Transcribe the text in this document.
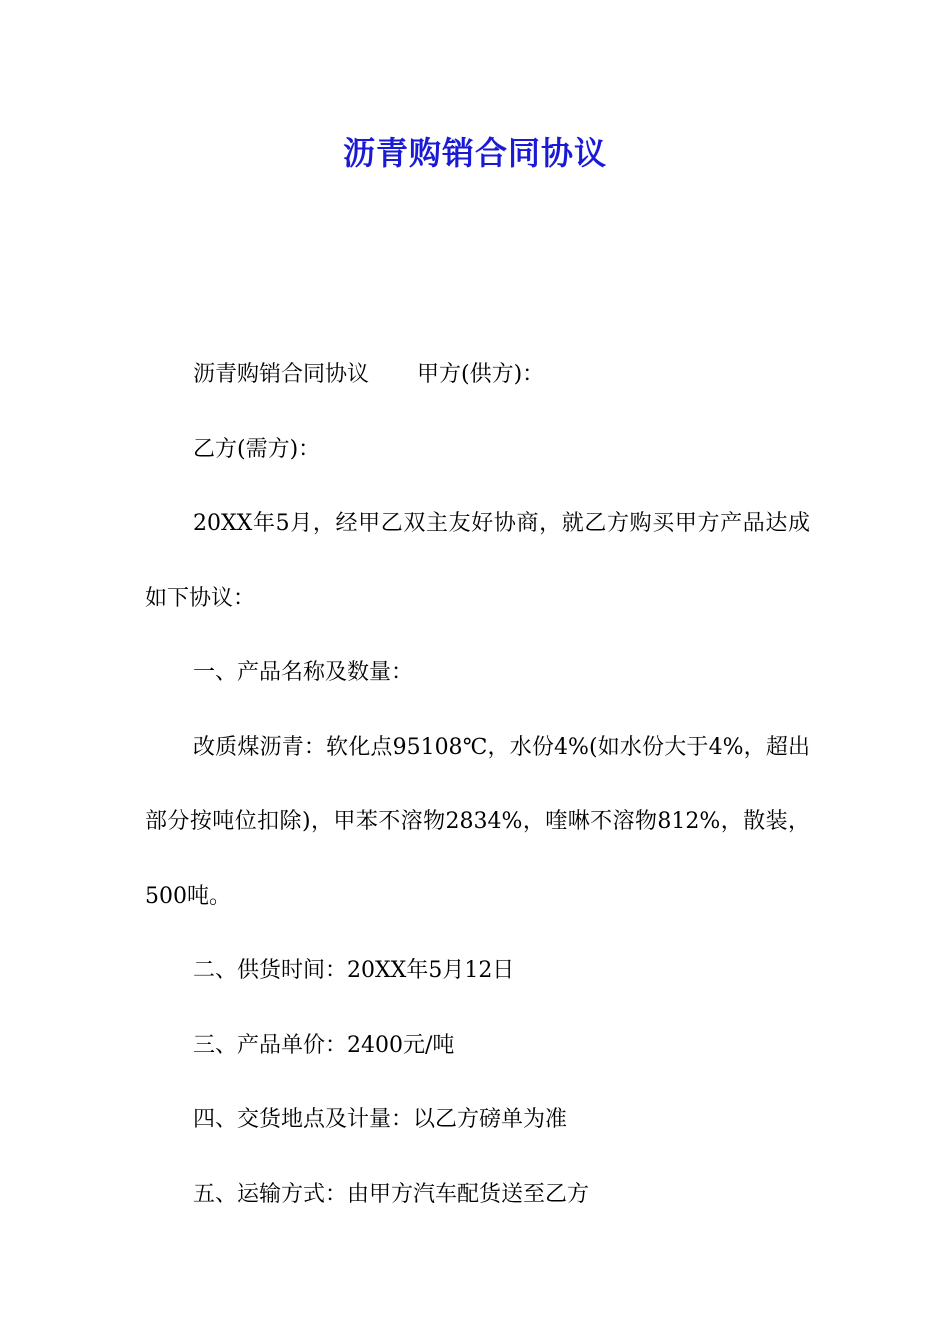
沥青购销合同协议

沥青购销合同协议 甲方(供方)：

乙方(需方)：

20XX年5月，经甲乙双主友好协商，就乙方购买甲方产品达成如下协议：

一、产品名称及数量：

改质煤沥青：软化点95108℃，水份4%(如水份大于4%，超出部分按吨位扣除)，甲苯不溶物2834%，喹啉不溶物812%，散装，500吨。

二、供货时间：20XX年5月12日

三、产品单价：2400元/吨

四、交货地点及计量：以乙方磅单为准

五、运输方式：由甲方汽车配货送至乙方
